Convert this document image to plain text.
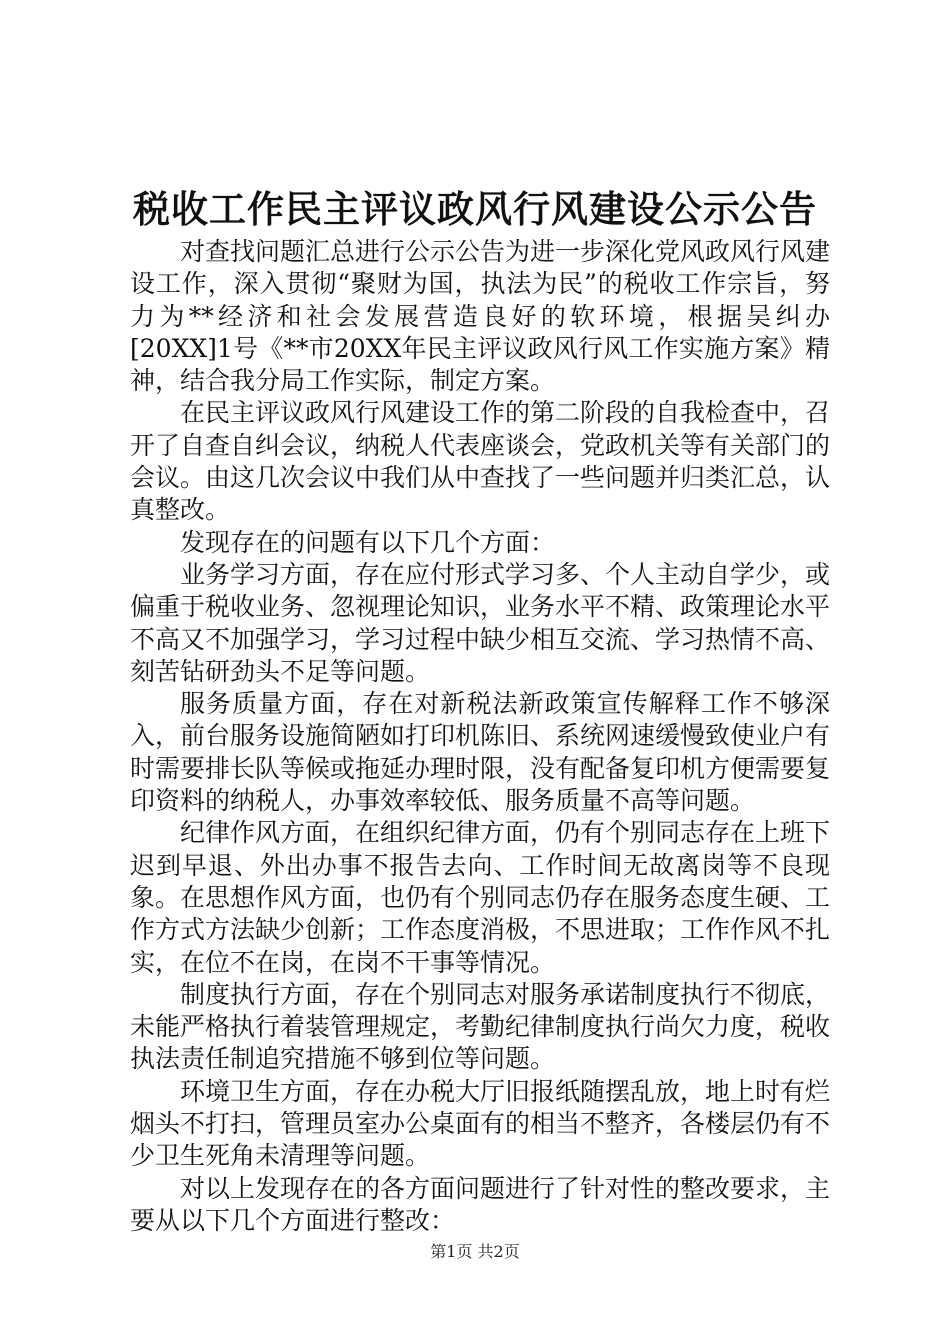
税收工作民主评议政风行风建设公示公告

对查找问题汇总进行公示公告为进一步深化党风政风行风建设工作，深入贯彻“聚财为国，执法为民”的税收工作宗旨，努力为**经济和社会发展营造良好的软环境，根据吴纠办[20XX]1号《**市20XX年民主评议政风行风工作实施方案》精神，结合我分局工作实际，制定方案。

在民主评议政风行风建设工作的第二阶段的自我检查中，召开了自查自纠会议，纳税人代表座谈会，党政机关等有关部门的会议。由这几次会议中我们从中查找了一些问题并归类汇总，认真整改。

发现存在的问题有以下几个方面：

业务学习方面，存在应付形式学习多、个人主动自学少，或偏重于税收业务、忽视理论知识，业务水平不精、政策理论水平不高又不加强学习，学习过程中缺少相互交流、学习热情不高、刻苦钻研劲头不足等问题。

服务质量方面，存在对新税法新政策宣传解释工作不够深入，前台服务设施简陋如打印机陈旧、系统网速缓慢致使业户有时需要排长队等候或拖延办理时限，没有配备复印机方便需要复印资料的纳税人，办事效率较低、服务质量不高等问题。

纪律作风方面，在组织纪律方面，仍有个别同志存在上班下迟到早退、外出办事不报告去向、工作时间无故离岗等不良现象。在思想作风方面，也仍有个别同志仍存在服务态度生硬、工作方式方法缺少创新；工作态度消极，不思进取；工作作风不扎实，在位不在岗，在岗不干事等情况。

制度执行方面，存在个别同志对服务承诺制度执行不彻底，未能严格执行着装管理规定，考勤纪律制度执行尚欠力度，税收执法责任制追究措施不够到位等问题。

环境卫生方面，存在办税大厅旧报纸随摆乱放，地上时有烂烟头不打扫，管理员室办公桌面有的相当不整齐，各楼层仍有不少卫生死角未清理等问题。

对以上发现存在的各方面问题进行了针对性的整改要求，主要从以下几个方面进行整改：

第1页 共2页
